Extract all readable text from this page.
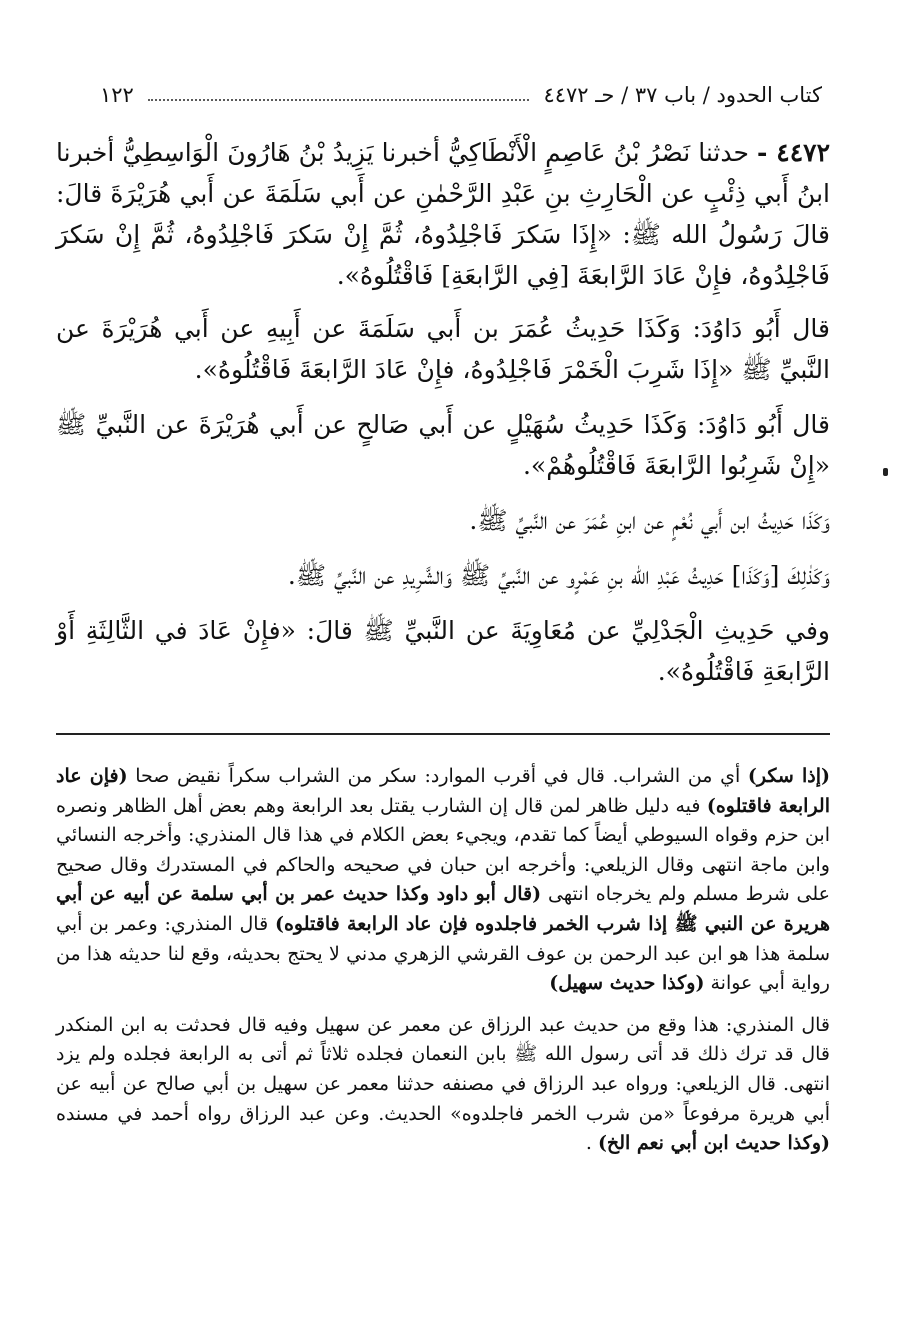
كتاب الحدود / باب ٣٧ / حـ ٤٤٧٢
١٢٢

٤٤٧٢ - حدثنا نَصْرُ بْنُ عَاصِمٍ الْأَنْطَاكِيُّ أخبرنا يَزِيدُ بْنُ هَارُونَ الْوَاسِطِيُّ أخبرنا ابنُ أَبي ذِئْبٍ عن الْحَارِثِ بنِ عَبْدِ الرَّحْمٰنِ عن أَبي سَلَمَةَ عن أَبي هُرَيْرَةَ قالَ: قالَ رَسُولُ الله ﷺ: «إِذَا سَكرَ فَاجْلِدُوهُ، ثُمَّ إِنْ سَكرَ فَاجْلِدُوهُ، ثُمَّ إِنْ سَكرَ فَاجْلِدُوهُ، فإِنْ عَادَ الرَّابعَةَ [فِي الرَّابعَةِ] فَاقْتُلُوهُ».

قال أَبُو دَاوُدَ: وَكَذَا حَدِيثُ عُمَرَ بن أَبي سَلَمَةَ عن أَبِيهِ عن أَبي هُرَيْرَةَ عن النَّبيِّ ﷺ «إِذَا شَرِبَ الْخَمْرَ فَاجْلِدُوهُ، فإِنْ عَادَ الرَّابعَةَ فَاقْتُلُوهُ».

قال أَبُو دَاوُدَ: وَكَذَا حَدِيثُ سُهَيْلٍ عن أَبي صَالحٍ عن أَبي هُرَيْرَةَ عن النَّبيِّ ﷺ «إِنْ شَرِبُوا الرَّابعَةَ فَاقْتُلُوهُمْ».

وَكَذَا حَدِيثُ ابن أَبي نُعْمٍ عن ابنِ عُمَرَ عن النَّبيِّ ﷺ.

وَكَذٰلِكَ [وَكَذَا] حَدِيثُ عَبْدِ الله بنِ عَمْرٍو عن النَّبيِّ ﷺ وَالشَّرِيدِ عن النَّبيِّ ﷺ.

وفي حَدِيثِ الْجَدْلِيِّ عن مُعَاوِيَةَ عن النَّبيِّ ﷺ قالَ: «فإِنْ عَادَ في الثَّالِثَةِ أَوْ الرَّابعَةِ فَاقْتُلُوهُ».

(إذا سكر) أي من الشراب. قال في أقرب الموارد: سكر من الشراب سكراً نقيض صحا (فإن عاد الرابعة فاقتلوه) فيه دليل ظاهر لمن قال إن الشارب يقتل بعد الرابعة وهم بعض أهل الظاهر ونصره ابن حزم وقواه السيوطي أيضاً كما تقدم، ويجيء بعض الكلام في هذا قال المنذري: وأخرجه النسائي وابن ماجة انتهى وقال الزيلعي: وأخرجه ابن حبان في صحيحه والحاكم في المستدرك وقال صحيح على شرط مسلم ولم يخرجاه انتهى (قال أبو داود وكذا حديث عمر بن أبي سلمة عن أبيه عن أبي هريرة عن النبي ﷺ إذا شرب الخمر فاجلدوه فإن عاد الرابعة فاقتلوه) قال المنذري: وعمر بن أبي سلمة هذا هو ابن عبد الرحمن بن عوف القرشي الزهري مدني لا يحتج بحديثه، وقع لنا حديثه هذا من رواية أبي عوانة (وكذا حديث سهيل)

قال المنذري: هذا وقع من حديث عبد الرزاق عن معمر عن سهيل وفيه قال فحدثت به ابن المنكدر قال قد ترك ذلك قد أتى رسول الله ﷺ بابن النعمان فجلده ثلاثاً ثم أتى به الرابعة فجلده ولم يزد انتهى. قال الزيلعي: ورواه عبد الرزاق في مصنفه حدثنا معمر عن سهيل بن أبي صالح عن أبيه عن أبي هريرة مرفوعاً «من شرب الخمر فاجلدوه» الحديث. وعن عبد الرزاق رواه أحمد في مسنده (وكذا حديث ابن أبي نعم الخ) .
